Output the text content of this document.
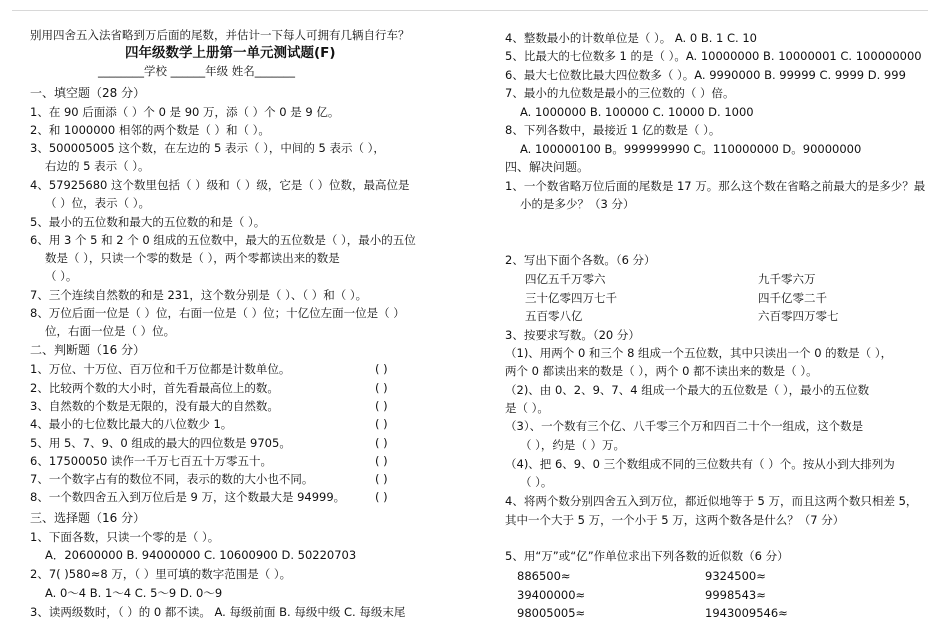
别用四舍五入法省略到万后面的尾数，并估计一下每人可拥有几辆自行车？
四年级数学上册第一单元测试题(F)
________学校 ______年级 姓名_______
一、填空题（28 分）
1、在 90 后面添（ ）个 0 是 90 万，添（ ）个 0 是 9 亿。
2、和 1000000 相邻的两个数是（ ）和（ ）。
3、500005005 这个数，在左边的 5 表示（ ），中间的 5 表示（ ），
右边的 5 表示（ ）。
4、57925680 这个数里包括（ ）级和（ ）级，它是（ ）位数，最高位是
（ ）位，表示（ ）。
5、最小的五位数和最大的五位数的和是（ ）。
6、用 3 个 5 和 2 个 0 组成的五位数中，最大的五位数是（ ），最小的五位
数是（ ），只读一个零的数是（ ），两个零都读出来的数是
（ ）。
7、三个连续自然数的和是 231，这个数分别是（ ）、（ ）和（ ）。
8、万位后面一位是（ ）位，右面一位是（ ）位；十亿位左面一位是（ ）
位，右面一位是（ ）位。
二、判断题（16 分）
1、万位、十万位、百万位和千万位都是计数单位。	( )
2、比较两个数的大小时，首先看最高位上的数。	( )
3、自然数的个数是无限的，没有最大的自然数。	( )
4、最小的七位数比最大的八位数少 1。	( )
5、用 5、7、9、0 组成的最大的四位数是 9705。	( )
6、17500050 读作一千万七百五十万零五十。	( )
7、一个数字占有的数位不同，表示的数的大小也不同。	( )
8、一个数四舍五入到万位后是 9 万，这个数最大是 94999。	( )
三、选择题（16 分）
1、下面各数，只读一个零的是（ ）。
A．20600000 B. 94000000 C. 10600900 D. 50220703
2、7( )580≈8 万，（ ）里可填的数字范围是（ ）。
A. 0～4 B. 1～4 C. 5～9 D. 0～9
3、读两级数时，（ ）的 0 都不读。 A. 每级前面 B. 每级中级 C. 每级末尾
4、整数最小的计数单位是（ ）。 A. 0 B. 1 C. 10
5、比最大的七位数多 1 的是（ ）。A. 10000000 B. 10000001 C. 100000000
6、最大七位数比最大四位数多（ ）。A. 9990000 B. 99999 C. 9999 D. 999
7、最小的九位数是最小的三位数的（ ）倍。
A. 1000000 B. 100000 C. 10000 D. 1000
8、下列各数中，最接近 1 亿的数是（ ）。
A. 100000100 B。999999990 C。110000000 D。90000000
四、解决问题。
1、一个数省略万位后面的尾数是 17 万。那么这个数在省略之前最大的是多少？最
小的是多少？（3 分）
2、写出下面个各数。（6 分）
四亿五千万零六	九千零六万
三十亿零四万七千	四千亿零二千
五百零八亿	六百零四万零七
3、按要求写数。（20 分）
（1)、用两个 0 和三个 8 组成一个五位数，其中只读出一个 0 的数是（ ），
两个 0 都读出来的数是（ ），两个 0 都不读出来的数是（ ）。
（2)、由 0、2、9、7、4 组成一个最大的五位数是（ ），最小的五位数
是（ ）。
（3）、一个数有三个亿、八千零三个万和四百二十个一组成，这个数是
（ ），约是（ ）万。
（4)、把 6、9、0 三个数组成不同的三位数共有（ ）个。按从小到大排列为
（ ）。
4、将两个数分别四舍五入到万位，都近似地等于 5 万，而且这两个数只相差 5，
其中一个大于 5 万，一个小于 5 万，这两个数各是什么？（7 分）
5、用“万”或“亿”作单位求出下列各数的近似数（6 分）
886500≈	9324500≈
39400000≈	9998543≈
98005005≈	1943009546≈
